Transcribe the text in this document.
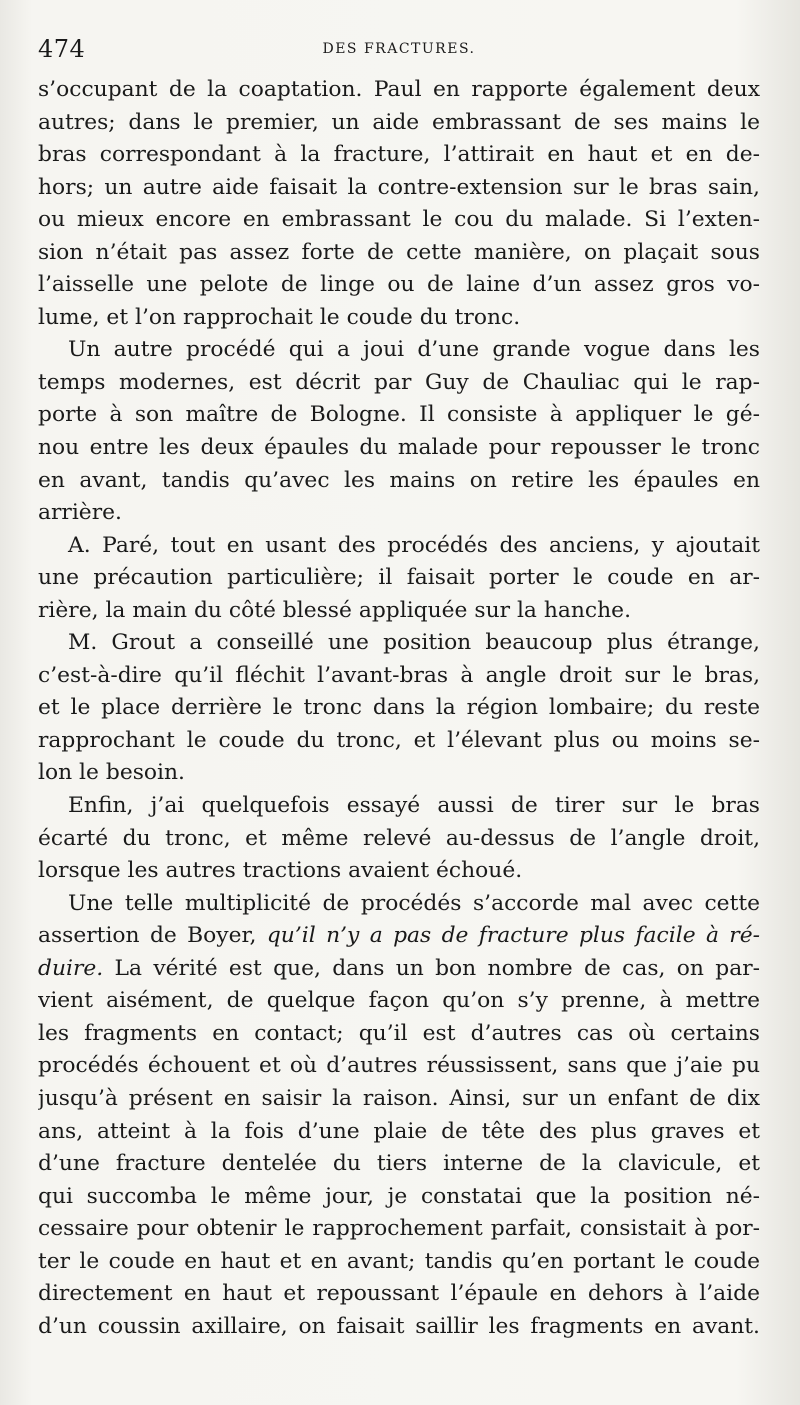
474	DES FRACTURES.
s’occupant de la coaptation. Paul en rapporte également deux
autres; dans le premier, un aide embrassant de ses mains le
bras correspondant à la fracture, l’attirait en haut et en de-
hors; un autre aide faisait la contre-extension sur le bras sain,
ou mieux encore en embrassant le cou du malade. Si l’exten-
sion n’était pas assez forte de cette manière, on plaçait sous
l’aisselle une pelote de linge ou de laine d’un assez gros vo-
lume, et l’on rapprochait le coude du tronc.
Un autre procédé qui a joui d’une grande vogue dans les
temps modernes, est décrit par Guy de Chauliac qui le rap-
porte à son maître de Bologne. Il consiste à appliquer le gé-
nou entre les deux épaules du malade pour repousser le tronc
en avant, tandis qu’avec les mains on retire les épaules en
arrière.
A. Paré, tout en usant des procédés des anciens, y ajoutait
une précaution particulière; il faisait porter le coude en ar-
rière, la main du côté blessé appliquée sur la hanche.
M. Grout a conseillé une position beaucoup plus étrange,
c’est-à-dire qu’il fléchit l’avant-bras à angle droit sur le bras,
et le place derrière le tronc dans la région lombaire; du reste
rapprochant le coude du tronc, et l’élevant plus ou moins se-
lon le besoin.
Enfin, j’ai quelquefois essayé aussi de tirer sur le bras
écarté du tronc, et même relevé au-dessus de l’angle droit,
lorsque les autres tractions avaient échoué.
Une telle multiplicité de procédés s’accorde mal avec cette
assertion de Boyer, qu’il n’y a pas de fracture plus facile à ré-
duire. La vérité est que, dans un bon nombre de cas, on par-
vient aisément, de quelque façon qu’on s’y prenne, à mettre
les fragments en contact; qu’il est d’autres cas où certains
procédés échouent et où d’autres réussissent, sans que j’aie pu
jusqu’à présent en saisir la raison. Ainsi, sur un enfant de dix
ans, atteint à la fois d’une plaie de tête des plus graves et
d’une fracture dentelée du tiers interne de la clavicule, et
qui succomba le même jour, je constatai que la position né-
cessaire pour obtenir le rapprochement parfait, consistait à por-
ter le coude en haut et en avant; tandis qu’en portant le coude
directement en haut et repoussant l’épaule en dehors à l’aide
d’un coussin axillaire, on faisait saillir les fragments en avant.
